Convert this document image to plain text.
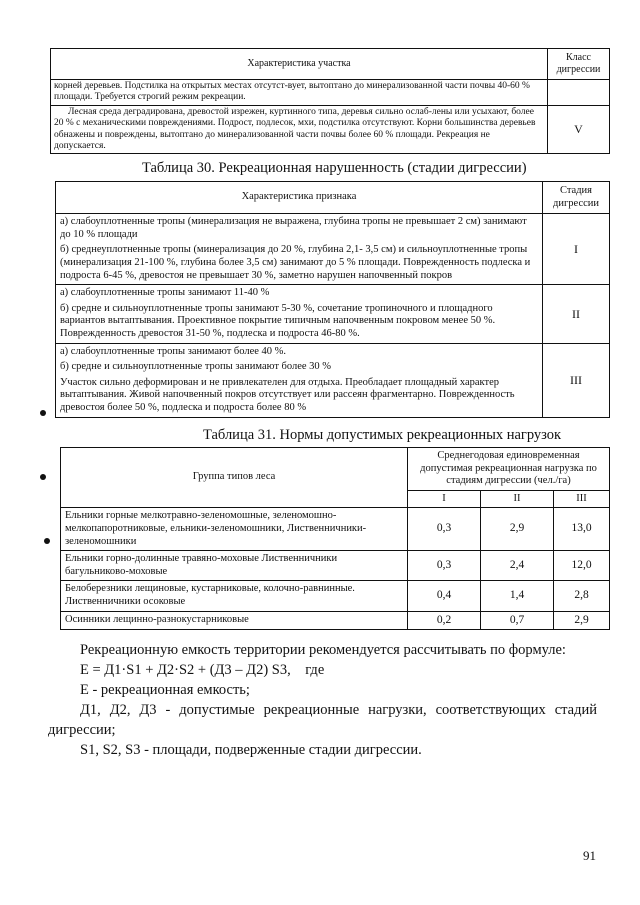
Характеристика участка	Класс дигрессии
корней деревьев. Подстилка на открытых местах отсутст-вует, вытоптано до минерализованной части почвы 40-60 % площади. Требуется строгий режим рекреации.	
Лесная среда деградирована, древостой изрежен, куртинного типа, деревья сильно ослаб-лены или усыхают, более 20 % с механическими повреждениями. Подрост, подлесок, мхи, подстилка отсутствуют. Корни большинства деревьев обнажены и повреждены, вытоптано до минерализованной части почвы более 60 % площади. Рекреация не допускается.	V
Таблица 30. Рекреационная нарушенность (стадии дигрессии)
Характеристика признака	Стадия дигрессии

а) слабоуплотненные тропы (минерализация не выражена, глубина тропы не превышает 2 см) занимают до 10 % площади

б) среднеуплотненные тропы (минерализация до 20 %, глубина 2,1- 3,5 см) и сильноуплотненные тропы (минерализация 21-100 %, глубина более 3,5 см) занимают до 5 % площади. Поврежденность подлеска и подроста 6-45 %, древостоя не превышает 30 %, заметно нарушен напочвенный покров	I

а) слабоуплотненные тропы занимают 11-40 %

б) средне и сильноуплотненные тропы занимают 5-30 %, сочетание тропиночного и площадного вариантов вытаптывания. Проективное покрытие типичным напочвенным покровом менее 50 %. Поврежденность древостоя 31-50 %, подлеска и подроста 46-80 %.	II

а) слабоуплотненные тропы занимают более 40 %.

б) средне и сильноуплотненные тропы занимают более 30 %

Участок сильно деформирован и не привлекателен для отдыха. Преобладает площадный характер вытаптывания. Живой напочвенный покров отсутствует или рассеян фрагментарно. Поврежденность древостоя более 50 %, подлеска и подроста более 80 %	III
Таблица 31. Нормы допустимых рекреационных нагрузок
Группа типов леса	Среднегодовая единовременная допустимая рекреационная нагрузка по стадиям дигрессии (чел./га)		
	I	II	III
Ельники горные мелкотравно-зеленомошные, зеленомошно-мелкопапоротниковые, ельники-зеленомошники, Лиственничники-зеленомошники	0,3	2,9	13,0
Ельники горно-долинные травяно-моховые Лиственничники багульниково-моховые	0,3	2,4	12,0
Белоберезники лещиновые, кустарниковые, колочно-равнинные. Лиственничники осоковые	0,4	1,4	2,8
Осинники лещинно-разнокустарниковые	0,2	0,7	2,9

Рекреационную емкость территории рекомендуется рассчитывать по формуле:

E = Д1·S1 + Д2·S2 + (Д3 – Д2) S3,    где

E - рекреационная емкость;

Д1, Д2, Д3 - допустимые рекреационные нагрузки, соответствующих стадий дигрессии;

S1, S2, S3 - площади, подверженные стадии дигрессии.

91
